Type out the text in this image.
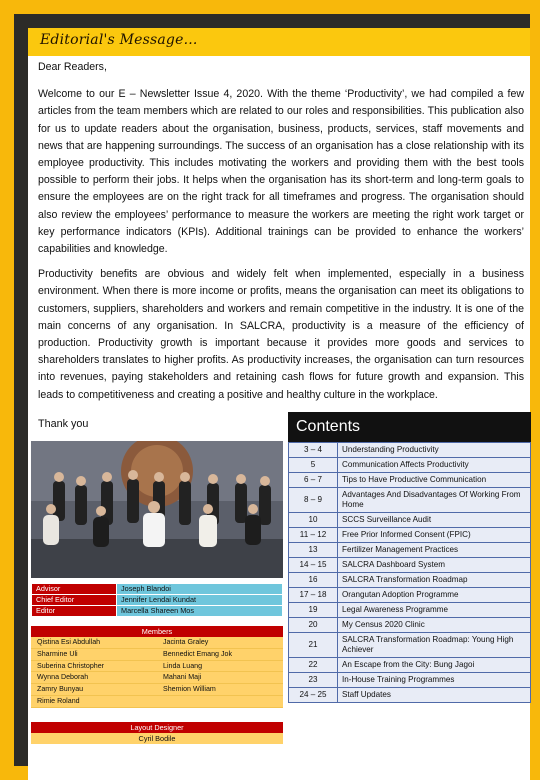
Editorial's Message...

Dear Readers,

Welcome to our E – Newsletter Issue 4, 2020. With the theme ‘Productivity’, we had compiled a few articles from the team members which are related to our roles and responsibilities. This publication also for us to update readers about the organisation, business, products, services, staff movements and news that are happening surroundings. The success of an organisation has a close relationship with its employee productivity. This includes motivating the workers and providing them with the best tools possible to perform their jobs. It helps when the organisation has its short-term and long-term goals to ensure the employees are on the right track for all timeframes and progress. The organisation should also review the employees’ performance to measure the workers are meeting the right work target or key performance indicators (KPIs). Additional trainings can be provided to enhance the workers’ capabilities and knowledge.

Productivity benefits are obvious and widely felt when implemented, especially in a business environment. When there is more income or profits, means the organisation can meet its obligations to customers, suppliers, shareholders and workers and remain competitive in the industry. It is one of the main concerns of any organisation. In SALCRA, productivity is a measure of the efficiency of production. Productivity growth is important because it provides more goods and services to shareholders translates to higher profits. As productivity increases, the organisation can turn resources into revenues, paying stakeholders and retaining cash flows for future growth and expansion. This leads to competitiveness and creating a positive and healthy culture in the workplace.

Thank you
Advisor	Joseph Blandoi
Chief Editor	Jennifer Lendai Kundat
Editor	Marcella Shareen Mos
Members
Qistina Esi Abdullah	Jacinta Graley
Sharmine Uli	Bennedict Emang Jok
Suberina Christopher	Linda Luang
Wynna Deborah	Mahani Maji
Zamry Bunyau	Shemion William
Rimie Roland
Layout Designer
Cyril Bodile
Contents
3 – 4	Understanding Productivity
5	Communication Affects Productivity
6 – 7	Tips to Have Productive Communication
8 – 9	Advantages And Disadvantages Of Working From Home
10	SCCS Surveillance Audit
11 – 12	Free Prior Informed Consent (FPIC)
13	Fertilizer Management Practices
14 – 15	SALCRA Dashboard System
16	SALCRA Transformation Roadmap
17 – 18	Orangutan Adoption Programme
19	Legal Awareness Programme
20	My Census 2020 Clinic
21	SALCRA Transformation Roadmap: Young High Achiever
22	An Escape from the City: Bung Jagoi
23	In-House Training Programmes
24 – 25	Staff Updates
